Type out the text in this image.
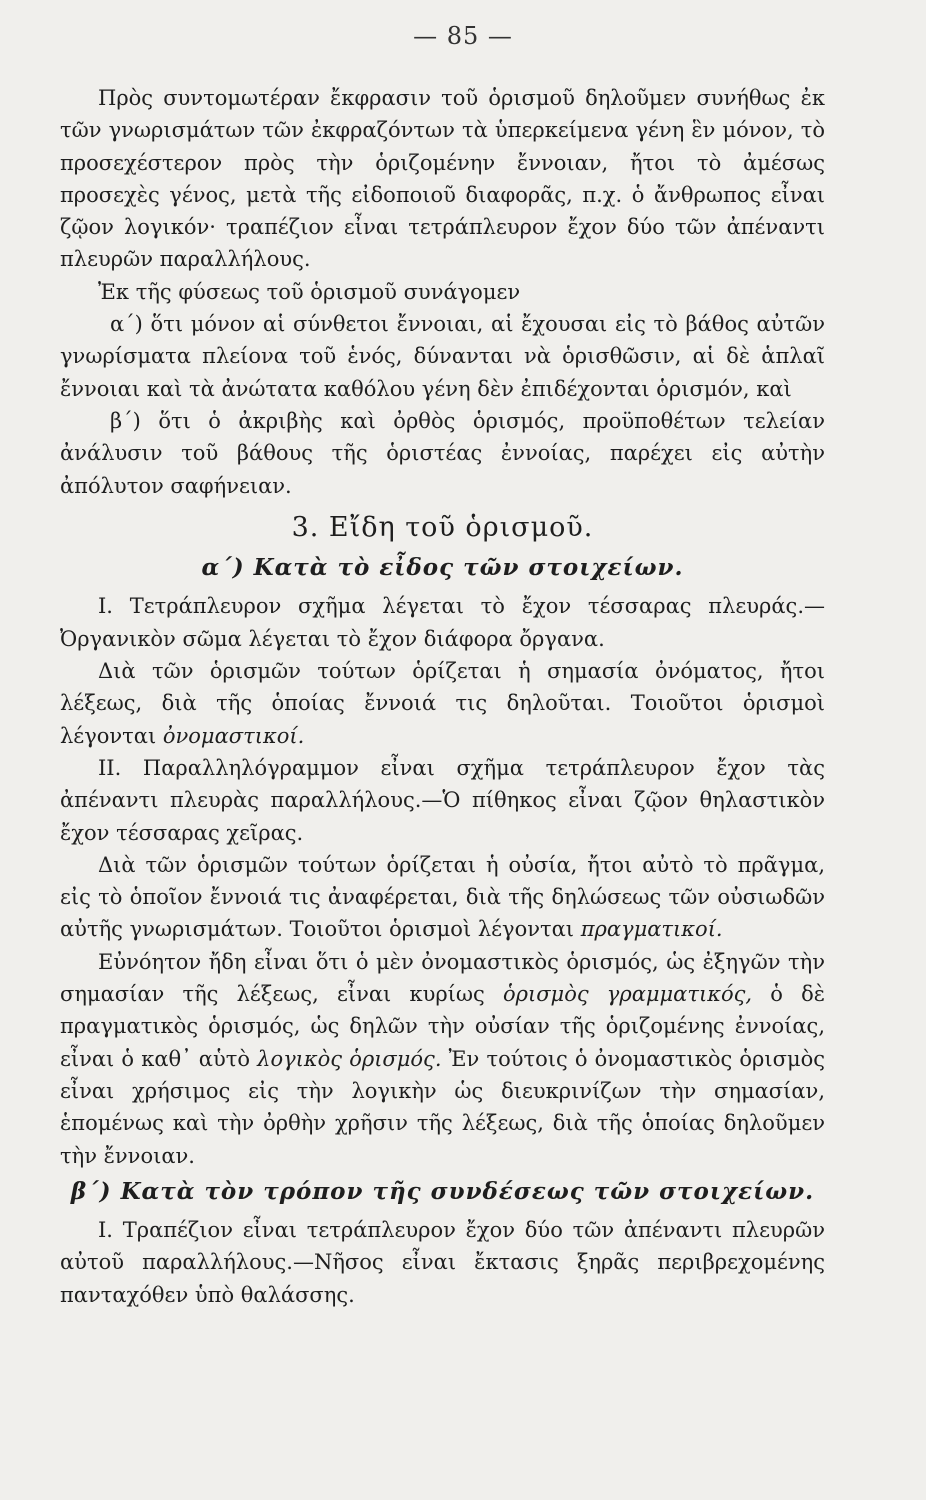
— 85 —

Πρὸς συντομωτέραν ἔκφρασιν τοῦ ὁρισμοῦ δηλοῦμεν συνήθως ἐκ τῶν γνωρισμάτων τῶν ἐκφραζόντων τὰ ὑπερκείμενα γένη ἓν μόνον, τὸ προσεχέστερον πρὸς τὴν ὁριζομένην ἔννοιαν, ἤτοι τὸ ἀμέσως προσεχὲς γένος, μετὰ τῆς εἰδοποιοῦ διαφορᾶς, π.χ. ὁ ἄνθρωπος εἶναι ζῷον λογικόν· τραπέζιον εἶναι τετράπλευρον ἔχον δύο τῶν ἀπέναντι πλευρῶν παραλλήλους.

Ἐκ τῆς φύσεως τοῦ ὁρισμοῦ συνάγομεν

α΄) ὅτι μόνον αἱ σύνθετοι ἔννοιαι, αἱ ἔχουσαι εἰς τὸ βάθος αὐτῶν γνωρίσματα πλείονα τοῦ ἑνός, δύνανται νὰ ὁρισθῶσιν, αἱ δὲ ἁπλαῖ ἔννοιαι καὶ τὰ ἀνώτατα καθόλου γένη δὲν ἐπιδέχονται ὁρισμόν, καὶ

β΄) ὅτι ὁ ἀκριβὴς καὶ ὀρθὸς ὁρισμός, προϋποθέτων τελείαν ἀνάλυσιν τοῦ βάθους τῆς ὁριστέας ἐννοίας, παρέχει εἰς αὐτὴν ἀπόλυτον σαφήνειαν.

3. Εἴδη τοῦ ὁρισμοῦ.
α΄) Κατὰ τὸ εἶδος τῶν στοιχείων.

I. Τετράπλευρον σχῆμα λέγεται τὸ ἔχον τέσσαρας πλευράς.—Ὀργανικὸν σῶμα λέγεται τὸ ἔχον διάφορα ὄργανα.

Διὰ τῶν ὁρισμῶν τούτων ὁρίζεται ἡ σημασία ὀνόματος, ἤτοι λέξεως, διὰ τῆς ὁποίας ἔννοιά τις δηλοῦται. Τοιοῦτοι ὁρισμοὶ λέγονται ὀνομαστικοί.

II. Παραλληλόγραμμον εἶναι σχῆμα τετράπλευρον ἔχον τὰς ἀπέναντι πλευρὰς παραλλήλους.—Ὁ πίθηκος εἶναι ζῷον θηλαστικὸν ἔχον τέσσαρας χεῖρας.

Διὰ τῶν ὁρισμῶν τούτων ὁρίζεται ἡ οὐσία, ἤτοι αὐτὸ τὸ πρᾶγμα, εἰς τὸ ὁποῖον ἔννοιά τις ἀναφέρεται, διὰ τῆς δηλώσεως τῶν οὐσιωδῶν αὐτῆς γνωρισμάτων. Τοιοῦτοι ὁρισμοὶ λέγονται πραγματικοί.

Εὐνόητον ἤδη εἶναι ὅτι ὁ μὲν ὀνομαστικὸς ὁρισμός, ὡς ἐξηγῶν τὴν σημασίαν τῆς λέξεως, εἶναι κυρίως ὁρισμὸς γραμματικός, ὁ δὲ πραγματικὸς ὁρισμός, ὡς δηλῶν τὴν οὐσίαν τῆς ὁριζομένης ἐννοίας, εἶναι ὁ καθ᾽ αὑτὸ λογικὸς ὁρισμός. Ἐν τούτοις ὁ ὀνομαστικὸς ὁρισμὸς εἶναι χρήσιμος εἰς τὴν λογικὴν ὡς διευκρινίζων τὴν σημασίαν, ἑπομένως καὶ τὴν ὀρθὴν χρῆσιν τῆς λέξεως, διὰ τῆς ὁποίας δηλοῦμεν τὴν ἔννοιαν.

β΄) Κατὰ τὸν τρόπον τῆς συνδέσεως τῶν στοιχείων.

I. Τραπέζιον εἶναι τετράπλευρον ἔχον δύο τῶν ἀπέναντι πλευρῶν αὐτοῦ παραλλήλους.—Νῆσος εἶναι ἔκτασις ξηρᾶς περιβρεχομένης πανταχόθεν ὑπὸ θαλάσσης.
